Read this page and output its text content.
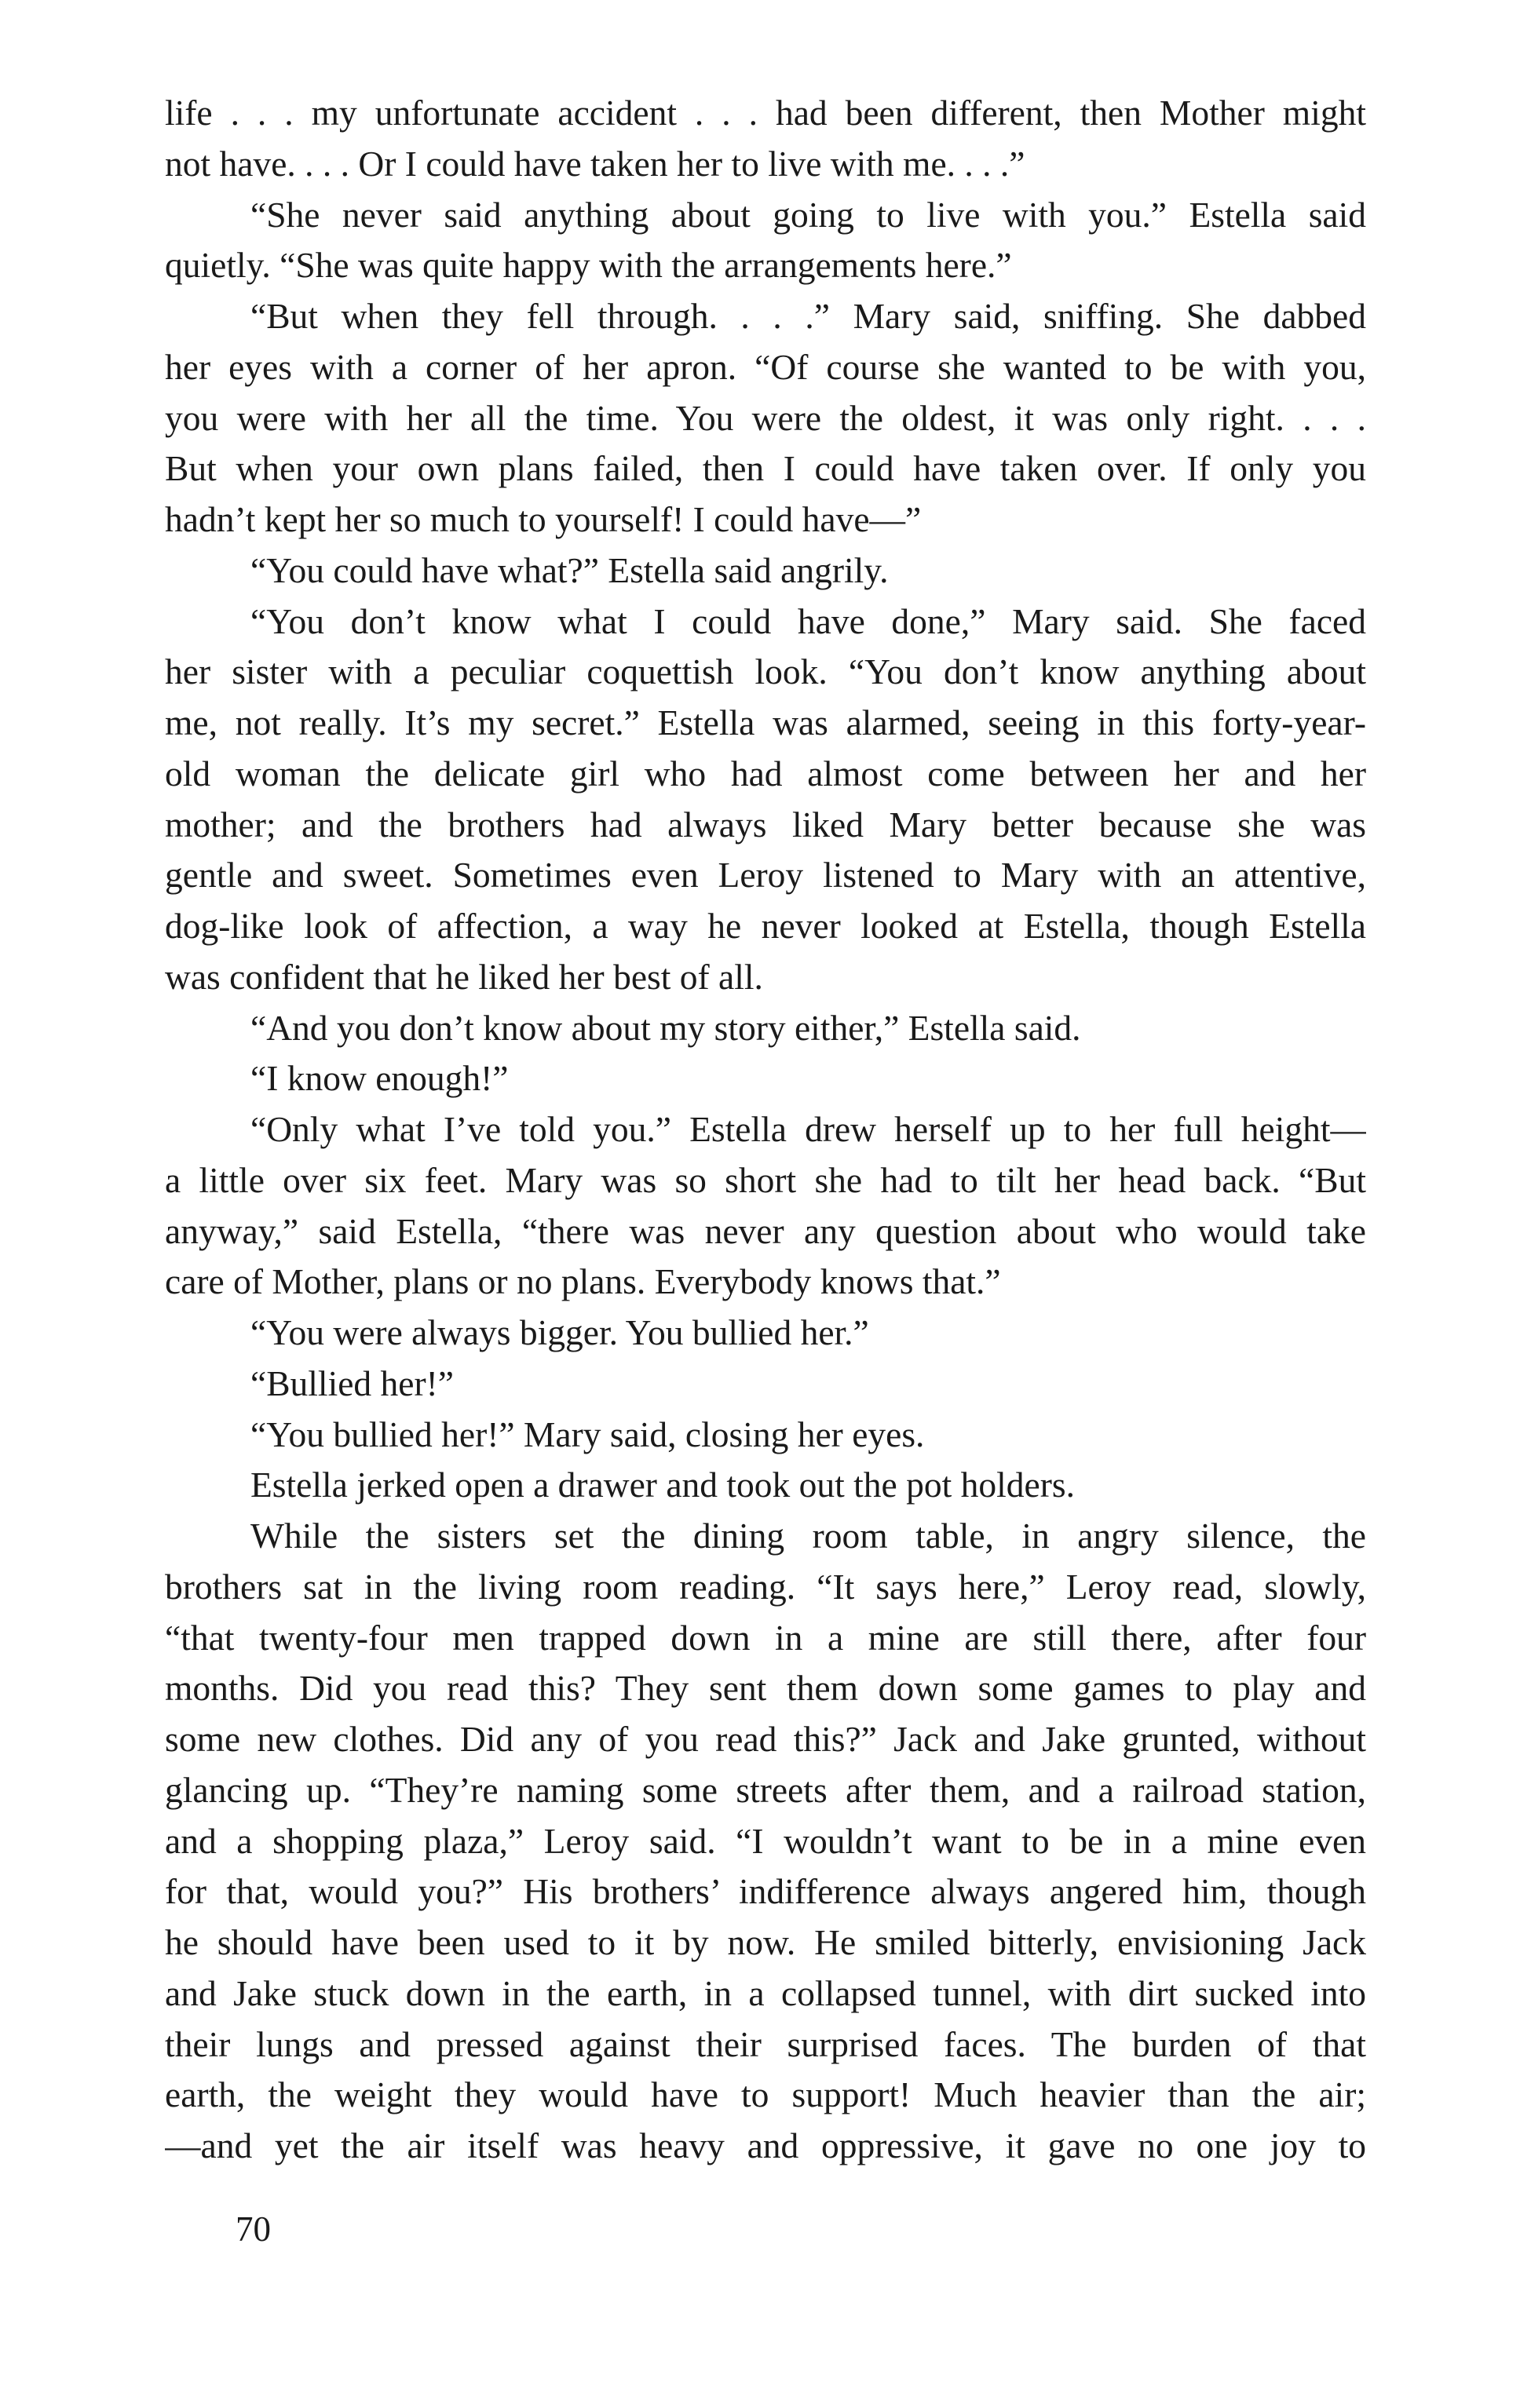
life . . . my unfortunate accident . . . had been different, then Mother might
not have. . . . Or I could have taken her to live with me. . . .”
“She never said anything about going to live with you.” Estella said
quietly. “She was quite happy with the arrangements here.”
“But when they fell through. . . .” Mary said, sniffing. She dabbed
her eyes with a corner of her apron. “Of course she wanted to be with you,
you were with her all the time. You were the oldest, it was only right. . . .
But when your own plans failed, then I could have taken over. If only you
hadn’t kept her so much to yourself! I could have—”
“You could have what?” Estella said angrily.
“You don’t know what I could have done,” Mary said. She faced
her sister with a peculiar coquettish look. “You don’t know anything about
me, not really. It’s my secret.” Estella was alarmed, seeing in this forty-year-
old woman the delicate girl who had almost come between her and her
mother; and the brothers had always liked Mary better because she was
gentle and sweet. Sometimes even Leroy listened to Mary with an attentive,
dog-like look of affection, a way he never looked at Estella, though Estella
was confident that he liked her best of all.
“And you don’t know about my story either,” Estella said.
“I know enough!”
“Only what I’ve told you.” Estella drew herself up to her full height—
a little over six feet. Mary was so short she had to tilt her head back. “But
anyway,” said Estella, “there was never any question about who would take
care of Mother, plans or no plans. Everybody knows that.”
“You were always bigger. You bullied her.”
“Bullied her!”
“You bullied her!” Mary said, closing her eyes.
Estella jerked open a drawer and took out the pot holders.
While the sisters set the dining room table, in angry silence, the
brothers sat in the living room reading. “It says here,” Leroy read, slowly,
“that twenty-four men trapped down in a mine are still there, after four
months. Did you read this? They sent them down some games to play and
some new clothes. Did any of you read this?” Jack and Jake grunted, without
glancing up. “They’re naming some streets after them, and a railroad station,
and a shopping plaza,” Leroy said. “I wouldn’t want to be in a mine even
for that, would you?” His brothers’ indifference always angered him, though
he should have been used to it by now. He smiled bitterly, envisioning Jack
and Jake stuck down in the earth, in a collapsed tunnel, with dirt sucked into
their lungs and pressed against their surprised faces. The burden of that
earth, the weight they would have to support! Much heavier than the air;
—and yet the air itself was heavy and oppressive, it gave no one joy to
70
